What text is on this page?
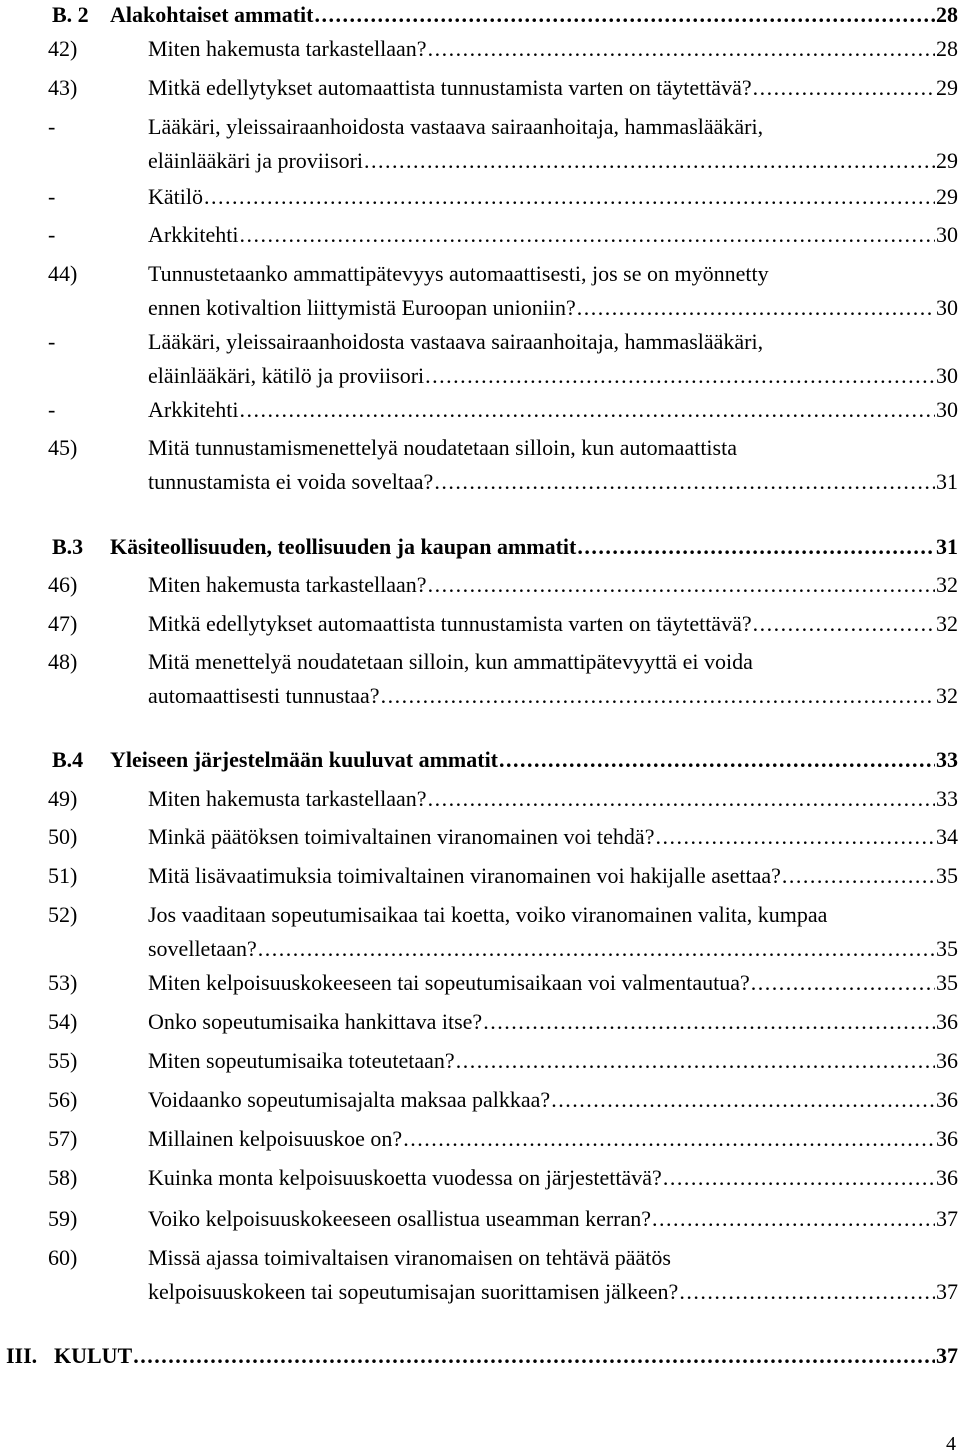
B. 2 Alakohtaiset ammatit . . .	28
42)	Miten hakemusta tarkastellaan? . . .	28
43)	Mitkä edellytykset automaattista tunnustamista varten on täytettävä? . . .	29
-	Lääkäri, yleissairaanhoidosta vastaava sairaanhoitaja, hammaslääkäri,
eläinlääkäri ja proviisori . . .	29
-	Kätilö . . .	29
-	Arkkitehti . . .	30
44)	Tunnustetaanko ammattipätevyys automaattisesti, jos se on myönnetty
ennen kotivaltion liittymistä Euroopan unioniin? . . .	30
-	Lääkäri, yleissairaanhoidosta vastaava sairaanhoitaja, hammaslääkäri,
eläinlääkäri, kätilö ja proviisori . . .	30
-	Arkkitehti . . .	30
45)	Mitä tunnustamismenettelyä noudatetaan silloin, kun automaattista
tunnustamista ei voida soveltaa? . . .	31
B.3 Käsiteollisuuden, teollisuuden ja kaupan ammatit . . .	31
46)	Miten hakemusta tarkastellaan? . . .	32
47)	Mitkä edellytykset automaattista tunnustamista varten on täytettävä? . . .	32
48)	Mitä menettelyä noudatetaan silloin, kun ammattipätevyyttä ei voida
automaattisesti tunnustaa? . . .	32
B.4 Yleiseen järjestelmään kuuluvat ammatit . . .	33
49)	Miten hakemusta tarkastellaan? . . .	33
50)	Minkä päätöksen toimivaltainen viranomainen voi tehdä? . . .	34
51)	Mitä lisävaatimuksia toimivaltainen viranomainen voi hakijalle asettaa? . . .	35
52)	Jos vaaditaan sopeutumisaikaa tai koetta, voiko viranomainen valita, kumpaa
sovelletaan? . . .	35
53)	Miten kelpoisuuskokeeseen tai sopeutumisaikaan voi valmentautua? . . .	35
54)	Onko sopeutumisaika hankittava itse? . . .	36
55)	Miten sopeutumisaika toteutetaan? . . .	36
56)	Voidaanko sopeutumisajalta maksaa palkkaa? . . .	36
57)	Millainen kelpoisuuskoe on? . . .	36
58)	Kuinka monta kelpoisuuskoetta vuodessa on järjestettävä? . . .	36
59)	Voiko kelpoisuuskokeeseen osallistua useamman kerran? . . .	37
60)	Missä ajassa toimivaltaisen viranomaisen on tehtävä päätös
kelpoisuuskokeen tai sopeutumisajan suorittamisen jälkeen? . . .	37
III. KULUT . . .	37
4
